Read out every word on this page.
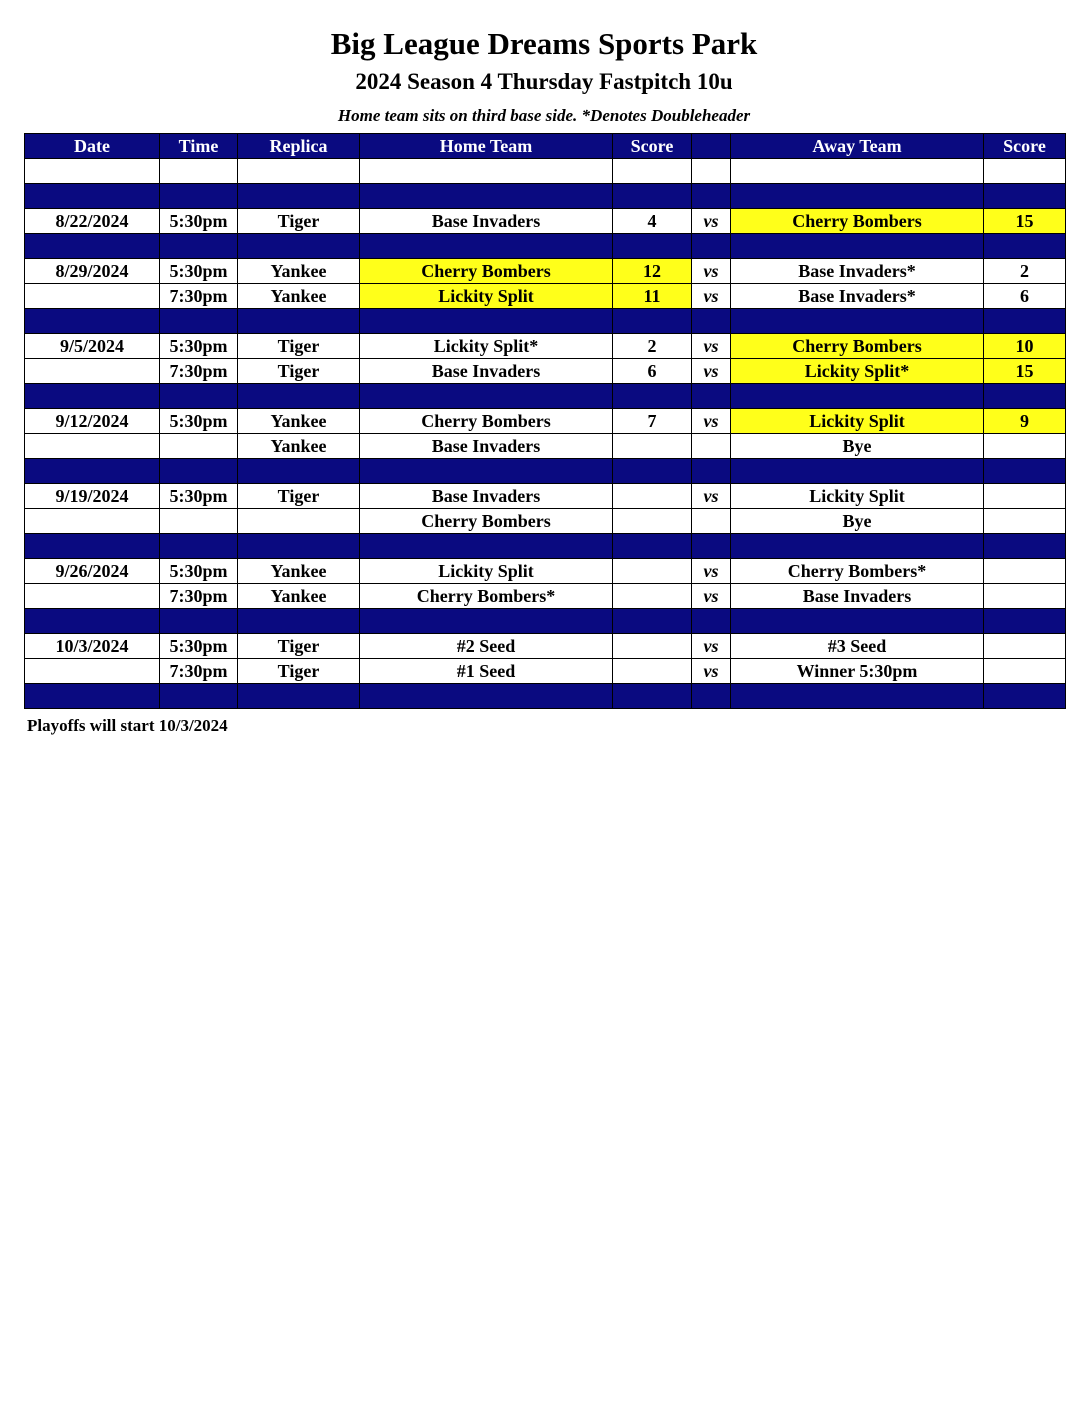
Big League Dreams Sports Park
2024 Season 4 Thursday Fastpitch 10u
Home team sits on third base side. *Denotes Doubleheader
Date	Time	Replica	Home Team	Score		Away Team	Score

8/22/2024	5:30pm	Tiger	Base Invaders	4	vs	Cherry Bombers	15

8/29/2024	5:30pm	Yankee	Cherry Bombers	12	vs	Base Invaders*	2
	7:30pm	Yankee	Lickity Split	11	vs	Base Invaders*	6

9/5/2024	5:30pm	Tiger	Lickity Split*	2	vs	Cherry Bombers	10
	7:30pm	Tiger	Base Invaders	6	vs	Lickity Split*	15

9/12/2024	5:30pm	Yankee	Cherry Bombers	7	vs	Lickity Split	9
		Yankee	Base Invaders			Bye	

9/19/2024	5:30pm	Tiger	Base Invaders		vs	Lickity Split	
			Cherry Bombers			Bye	

9/26/2024	5:30pm	Yankee	Lickity Split		vs	Cherry Bombers*	
	7:30pm	Yankee	Cherry Bombers*		vs	Base Invaders	

10/3/2024	5:30pm	Tiger	#2 Seed		vs	#3 Seed	
	7:30pm	Tiger	#1 Seed		vs	Winner 5:30pm	

Playoffs will start 10/3/2024
